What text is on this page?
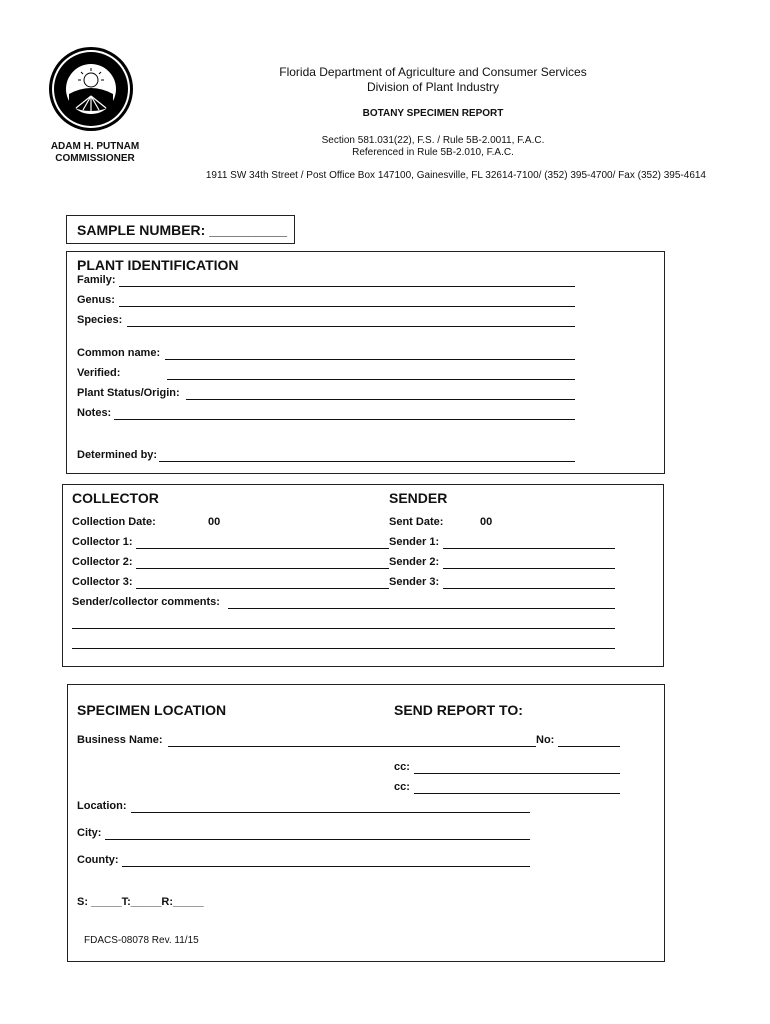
Florida Department of Agriculture and Consumer Services
Division of Plant Industry
BOTANY SPECIMEN REPORT
Section 581.031(22), F.S. / Rule 5B-2.0011, F.A.C.
Referenced in Rule 5B-2.010, F.A.C.
ADAM H. PUTNAM
COMMISSIONER
1911 SW 34th Street / Post Office Box 147100, Gainesville, FL 32614-7100/ (352) 395-4700/ Fax (352) 395-4614
SAMPLE NUMBER: __________
PLANT IDENTIFICATION
Family:
Genus:
Species:
Common name:
Verified:
Plant Status/Origin:
Notes:
Determined by:
COLLECTOR	SENDER
Collection Date:	00	Sent Date:	00
Collector 1:	Sender 1:
Collector 2:	Sender 2:
Collector 3:	Sender 3:
Sender/collector comments:
SPECIMEN LOCATION	SEND REPORT TO:
Business Name:	No:
cc:
cc:
Location:
City:
County:
S: _____T:_____R:_____
FDACS-08078 Rev. 11/15
